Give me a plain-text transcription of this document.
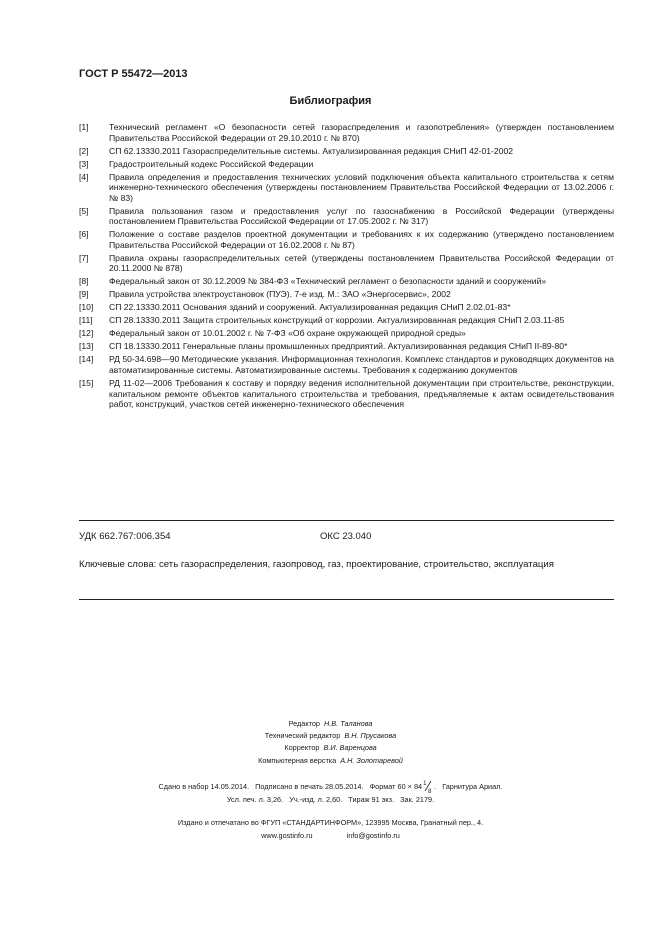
ГОСТ Р 55472—2013
Библиография
[1]	Технический регламент «О безопасности сетей газораспределения и газопотребления» (утвержден постановлением Правительства Российской Федерации от 29.10.2010 г. № 870)
[2]	СП 62.13330.2011 Газораспределительные системы. Актуализированная редакция СНиП 42-01-2002
[3]	Градостроительный кодекс Российской Федерации
[4]	Правила определения и предоставления технических условий подключения объекта капитального строительства к сетям инженерно-технического обеспечения (утверждены постановлением Правительства Российской Федерации от 13.02.2006 г. № 83)
[5]	Правила пользования газом и предоставления услуг по газоснабжению в Российской Федерации (утверждены постановлением Правительства Российской Федерации от 17.05.2002 г. № 317)
[6]	Положение о составе разделов проектной документации и требованиях к их содержанию (утверждено постановлением Правительства Российской Федерации от 16.02.2008 г. № 87)
[7]	Правила охраны газораспределительных сетей (утверждены постановлением Правительства Российской Федерации от 20.11.2000 № 878)
[8]	Федеральный закон от 30.12.2009 № 384-ФЗ «Технический регламент о безопасности зданий и сооружений»
[9]	Правила устройства электроустановок (ПУЭ). 7-е изд. М.: ЗАО «Энергосервис», 2002
[10]	СП 22.13330.2011 Основания зданий и сооружений. Актуализированная редакция СНиП 2.02.01-83*
[11]	СП 28.13330.2011 Защита строительных конструкций от коррозии. Актуализированная редакция СНиП 2.03.11-85
[12]	Федеральный закон от 10.01.2002 г. № 7-ФЗ «Об охране окружающей природной среды»
[13]	СП 18.13330.2011 Генеральные планы промышленных предприятий. Актуализированная редакция СНиП II-89-80*
[14]	РД 50-34.698—90 Методические указания. Информационная технология. Комплекс стандартов и руководящих документов на автоматизированные системы. Автоматизированные системы. Требования к содержанию документов
[15]	РД 11-02—2006 Требования к составу и порядку ведения исполнительной документации при строительстве, реконструкции, капитальном ремонте объектов капитального строительства и требования, предъявляемые к актам освидетельствования работ, конструкций, участков сетей инженерно-технического обеспечения
УДК 662.767:006.354	ОКС 23.040
Ключевые слова: сеть газораспределения, газопровод, газ, проектирование, строительство, эксплуатация
Редактор Н.В. Таланова
Технический редактор В.Н. Прусакова
Корректор В.И. Варенцова
Компьютерная верстка А.Н. Золотаревой
Сдано в набор 14.05.2014.   Подписано в печать 28.05.2014.   Формат 60 × 84 1
8
.   Гарнитура Ариал.
Усл. печ. л. 3,26.   Уч.-изд. л. 2,60.   Тираж 91 экз.   Зак. 2179.
Издано и отпечатано во ФГУП «СТАНДАРТИНФОРМ», 123995 Москва, Гранатный пер., 4.
www.gostinfo.ru	info@gostinfo.ru
